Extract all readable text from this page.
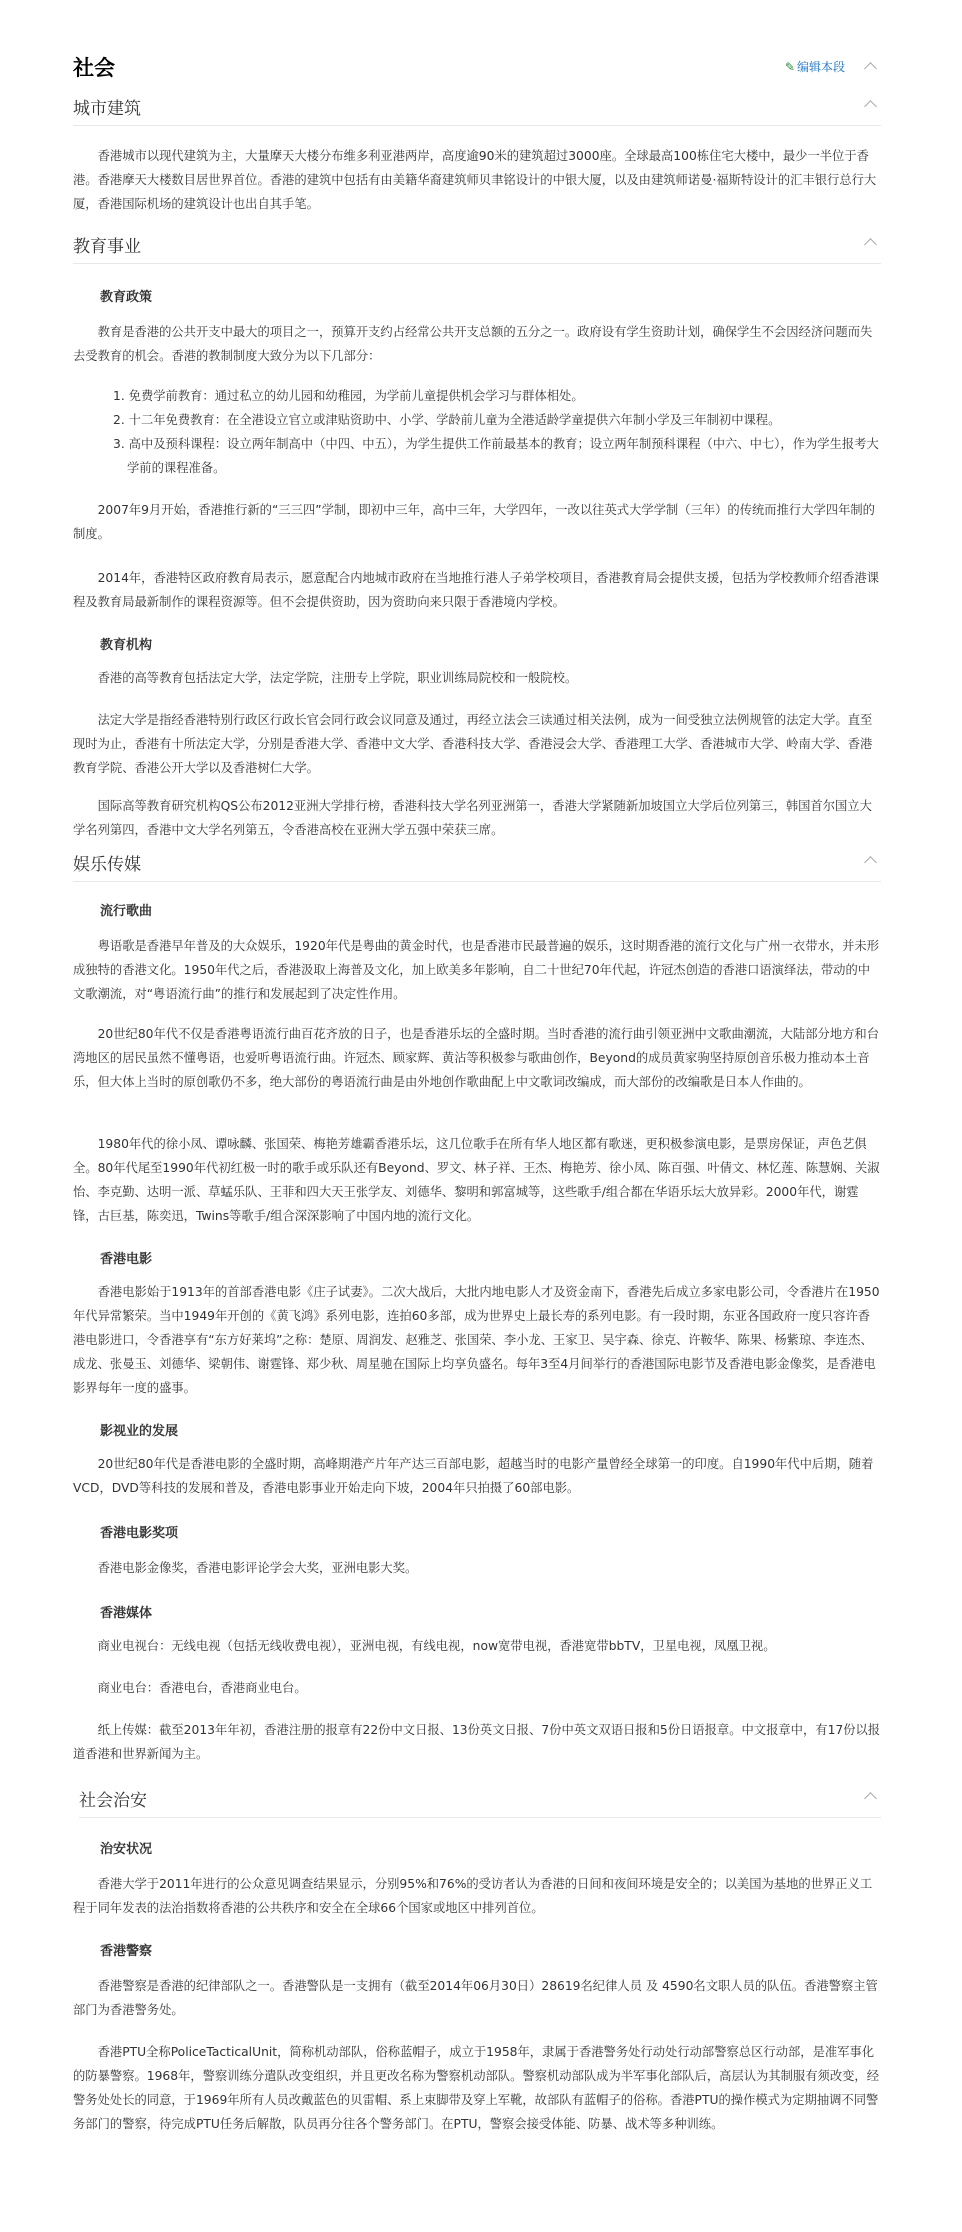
社会	✎ 编辑本段
城市建筑
香港城市以现代建筑为主，大量摩天大楼分布维多利亚港两岸，高度逾90米的建筑超过3000座。全球最高100栋住宅大楼中，最少一半位于香港。香港摩天大楼数目居世界首位。香港的建筑中包括有由美籍华裔建筑师贝聿铭设计的中银大厦，以及由建筑师诺曼·福斯特设计的汇丰银行总行大厦，香港国际机场的建筑设计也出自其手笔。
教育事业
教育政策
教育是香港的公共开支中最大的项目之一，预算开支约占经常公共开支总额的五分之一。政府设有学生资助计划，确保学生不会因经济问题而失去受教育的机会。香港的教制制度大致分为以下几部分：
1. 免费学前教育：通过私立的幼儿园和幼稚园，为学前儿童提供机会学习与群体相处。
2. 十二年免费教育：在全港设立官立或津贴资助中、小学、学龄前儿童为全港适龄学童提供六年制小学及三年制初中课程。
3. 高中及预科课程：设立两年制高中（中四、中五），为学生提供工作前最基本的教育；设立两年制预科课程（中六、中七），作为学生报考大学前的课程准备。
2007年9月开始，香港推行新的“三三四”学制，即初中三年，高中三年，大学四年，一改以往英式大学学制（三年）的传统而推行大学四年制的制度。
2014年，香港特区政府教育局表示，愿意配合内地城市政府在当地推行港人子弟学校项目，香港教育局会提供支援，包括为学校教师介绍香港课程及教育局最新制作的课程资源等。但不会提供资助，因为资助向来只限于香港境内学校。
教育机构
香港的高等教育包括法定大学，法定学院，注册专上学院，职业训练局院校和一般院校。
法定大学是指经香港特别行政区行政长官会同行政会议同意及通过，再经立法会三读通过相关法例，成为一间受独立法例规管的法定大学。直至现时为止，香港有十所法定大学，分别是香港大学、香港中文大学、香港科技大学、香港浸会大学、香港理工大学、香港城市大学、岭南大学、香港教育学院、香港公开大学以及香港树仁大学。
国际高等教育研究机构QS公布2012亚洲大学排行榜，香港科技大学名列亚洲第一，香港大学紧随新加坡国立大学后位列第三，韩国首尔国立大学名列第四，香港中文大学名列第五，令香港高校在亚洲大学五强中荣获三席。
娱乐传媒
流行歌曲
粤语歌是香港早年普及的大众娱乐，1920年代是粤曲的黄金时代，也是香港市民最普遍的娱乐，这时期香港的流行文化与广州一衣带水，并未形成独特的香港文化。1950年代之后，香港汲取上海普及文化，加上欧美多年影响，自二十世纪70年代起，许冠杰创造的香港口语演绎法，带动的中文歌潮流，对“粤语流行曲”的推行和发展起到了决定性作用。
20世纪80年代不仅是香港粤语流行曲百花齐放的日子，也是香港乐坛的全盛时期。当时香港的流行曲引领亚洲中文歌曲潮流，大陆部分地方和台湾地区的居民虽然不懂粤语，也爱听粤语流行曲。许冠杰、顾家辉、黄沾等积极参与歌曲创作，Beyond的成员黄家驹坚持原创音乐极力推动本土音乐，但大体上当时的原创歌仍不多，绝大部份的粤语流行曲是由外地创作歌曲配上中文歌词改编成，而大部份的改编歌是日本人作曲的。
1980年代的徐小凤、谭咏麟、张国荣、梅艳芳雄霸香港乐坛，这几位歌手在所有华人地区都有歌迷，更积极参演电影，是票房保证，声色艺俱全。80年代尾至1990年代初红极一时的歌手或乐队还有Beyond、罗文、林子祥、王杰、梅艳芳、徐小凤、陈百强、叶倩文、林忆莲、陈慧娴、关淑怡、李克勤、达明一派、草蜢乐队、王菲和四大天王张学友、刘德华、黎明和郭富城等，这些歌手/组合都在华语乐坛大放异彩。2000年代，谢霆锋，古巨基，陈奕迅，Twins等歌手/组合深深影响了中国内地的流行文化。
香港电影
香港电影始于1913年的首部香港电影《庄子试妻》。二次大战后，大批内地电影人才及资金南下，香港先后成立多家电影公司，令香港片在1950年代异常繁荣。当中1949年开创的《黄飞鸿》系列电影，连拍60多部，成为世界史上最长寿的系列电影。有一段时期，东亚各国政府一度只容许香港电影进口，令香港享有“东方好莱坞”之称：楚原、周润发、赵雅芝、张国荣、李小龙、王家卫、吴宇森、徐克、许鞍华、陈果、杨紫琼、李连杰、成龙、张曼玉、刘德华、梁朝伟、谢霆锋、郑少秋、周星驰在国际上均享负盛名。每年3至4月间举行的香港国际电影节及香港电影金像奖，是香港电影界每年一度的盛事。
影视业的发展
20世纪80年代是香港电影的全盛时期，高峰期港产片年产达三百部电影，超越当时的电影产量曾经全球第一的印度。自1990年代中后期，随着VCD，DVD等科技的发展和普及，香港电影事业开始走向下坡，2004年只拍摄了60部电影。
香港电影奖项
香港电影金像奖，香港电影评论学会大奖，亚洲电影大奖。
香港媒体
商业电视台：无线电视（包括无线收费电视），亚洲电视，有线电视，now宽带电视，香港宽带bbTV，卫星电视，凤凰卫视。
商业电台：香港电台，香港商业电台。
纸上传媒：截至2013年年初，香港注册的报章有22份中文日报、13份英文日报、7份中英文双语日报和5份日语报章。中文报章中，有17份以报道香港和世界新闻为主。
社会治安
治安状况
香港大学于2011年进行的公众意见调查结果显示，分别95%和76%的受访者认为香港的日间和夜间环境是安全的；以美国为基地的世界正义工程于同年发表的法治指数将香港的公共秩序和安全在全球66个国家或地区中排列首位。
香港警察
香港警察是香港的纪律部队之一。香港警队是一支拥有（截至2014年06月30日）28619名纪律人员 及 4590名文职人员的队伍。香港警察主管部门为香港警务处。
香港PTU全称PoliceTacticalUnit，简称机动部队，俗称蓝帽子，成立于1958年，隶属于香港警务处行动处行动部警察总区行动部，是准军事化的防暴警察。1968年，警察训练分遣队改变组织，并且更改名称为警察机动部队。警察机动部队成为半军事化部队后，高层认为其制服有须改变，经警务处处长的同意，于1969年所有人员改戴蓝色的贝雷帽、系上束脚带及穿上军靴，故部队有蓝帽子的俗称。香港PTU的操作模式为定期抽调不同警务部门的警察，待完成PTU任务后解散，队员再分往各个警务部门。在PTU，警察会接受体能、防暴、战术等多种训练。
